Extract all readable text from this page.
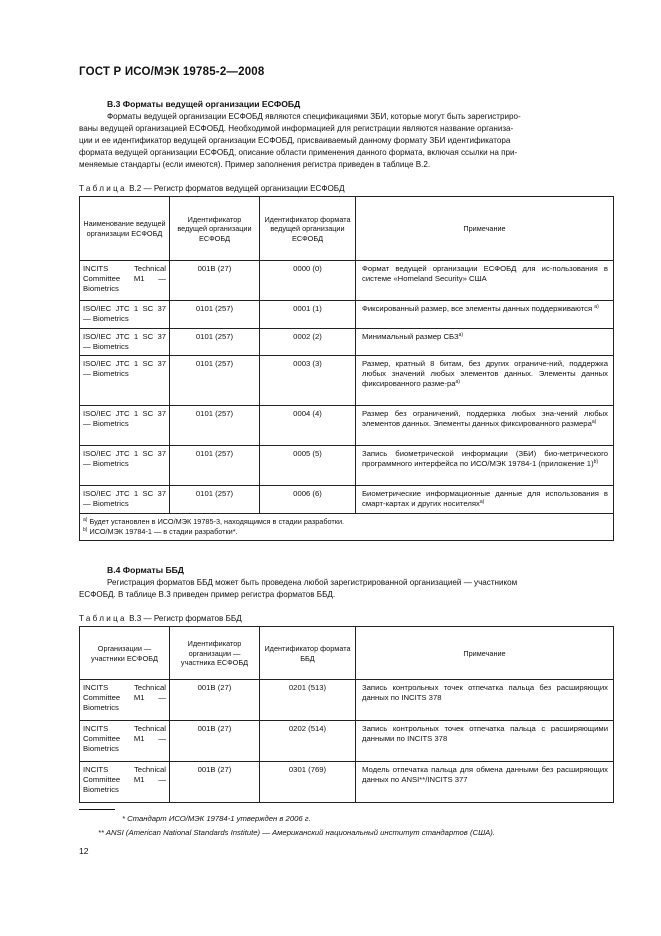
ГОСТ Р ИСО/МЭК 19785-2—2008
B.3 Форматы ведущей организации ЕСФОБД
Форматы ведущей организации ЕСФОБД являются спецификациями ЗБИ, которые могут быть зарегистриро-
ваны ведущей организацией ЕСФОБД. Необходимой информацией для регистрации являются название организа-
ции и ее идентификатор ведущей организации ЕСФОБД, присваиваемый данному формату ЗБИ идентификатора
формата ведущей организации ЕСФОБД, описание области применения данного формата, включая ссылки на при-
меняемые стандарты (если имеются). Пример заполнения регистра приведен в таблице В.2.
Таблица В.2 — Регистр форматов ведущей организации ЕСФОБД
Наименование ведущей организации ЕСФОБД	Идентификатор ведущей организации ЕСФОБД	Идентификатор формата ведущей организации ЕСФОБД	Примечание
INCITS Technical Committee M1 — Biometrics	001B (27)	0000 (0)	Формат ведущей организации ЕСФОБД для ис-пользования в системе «Homeland Security» США
ISO/IEC JTC 1 SC 37 — Biometrics	0101 (257)	0001 (1)	Фиксированный размер, все элементы данных поддерживаются $^{а)}$
ISO/IEC JTC 1 SC 37 — Biometrics	0101 (257)	0002 (2)	Минимальный размер $СБЗ^{а)}$
ISO/IEC JTC 1 SC 37 — Biometrics	0101 (257)	0003 (3)	Размер, кратный 8 битам, без других ограниче-ний, поддержка любых значений любых элементов данных. Элементы данных фиксированного разме-$ра^{а)}$
ISO/IEC JTC 1 SC 37 — Biometrics	0101 (257)	0004 (4)	Размер без ограничений, поддержка любых зна-чений любых элементов данных. Элементы данных фиксированного размера$^{а)}$
ISO/IEC JTC 1 SC 37 — Biometrics	0101 (257)	0005 (5)	Запись биометрической информации (ЗБИ) био-метрического программного интерфейса по ИСО/МЭК 19784-1 (приложение 1)$^{b)}$
ISO/IEC JTC 1 SC 37 — Biometrics	0101 (257)	0006 (6)	Биометрические информационные данные для использования в смарт-картах и других носителях$^{а)}$

$^{а)}$ Будет установлен в ИСО/МЭК 19785-3, находящимся в стадии разработки.
$^{b)}$ ИСО/МЭК 19784-1 — в стадии разработки*.			
B.4 Форматы ББД
Регистрация форматов ББД может быть проведена любой зарегистрированной организацией — участником
ЕСФОБД. В таблице В.3 приведен пример регистра форматов ББД.
Таблица В.3 — Регистр форматов ББД
Организации — участники ЕСФОБД	Идентификатор организации — участника ЕСФОБД	Идентификатор формата ББД	Примечание
INCITS Technical Committee M1 — Biometrics	001B (27)	0201 (513)	Запись контрольных точек отпечатка пальца без расширяющих данных по INCITS 378
INCITS Technical Committee M1 — Biometrics	001B (27)	0202 (514)	Запись контрольных точек отпечатка пальца с расширяющими данными по INCITS 378
INCITS Technical Committee M1 — Biometrics	001B (27)	0301 (769)	Модель отпечатка пальца для обмена данными без расширяющих данных по ANSI**/INCITS 377
* Стандарт ИСО/МЭК 19784-1 утвержден в 2006 г.
** ANSI (American National Standards Institute) — Американский национальный институт стандартов (США).
12
